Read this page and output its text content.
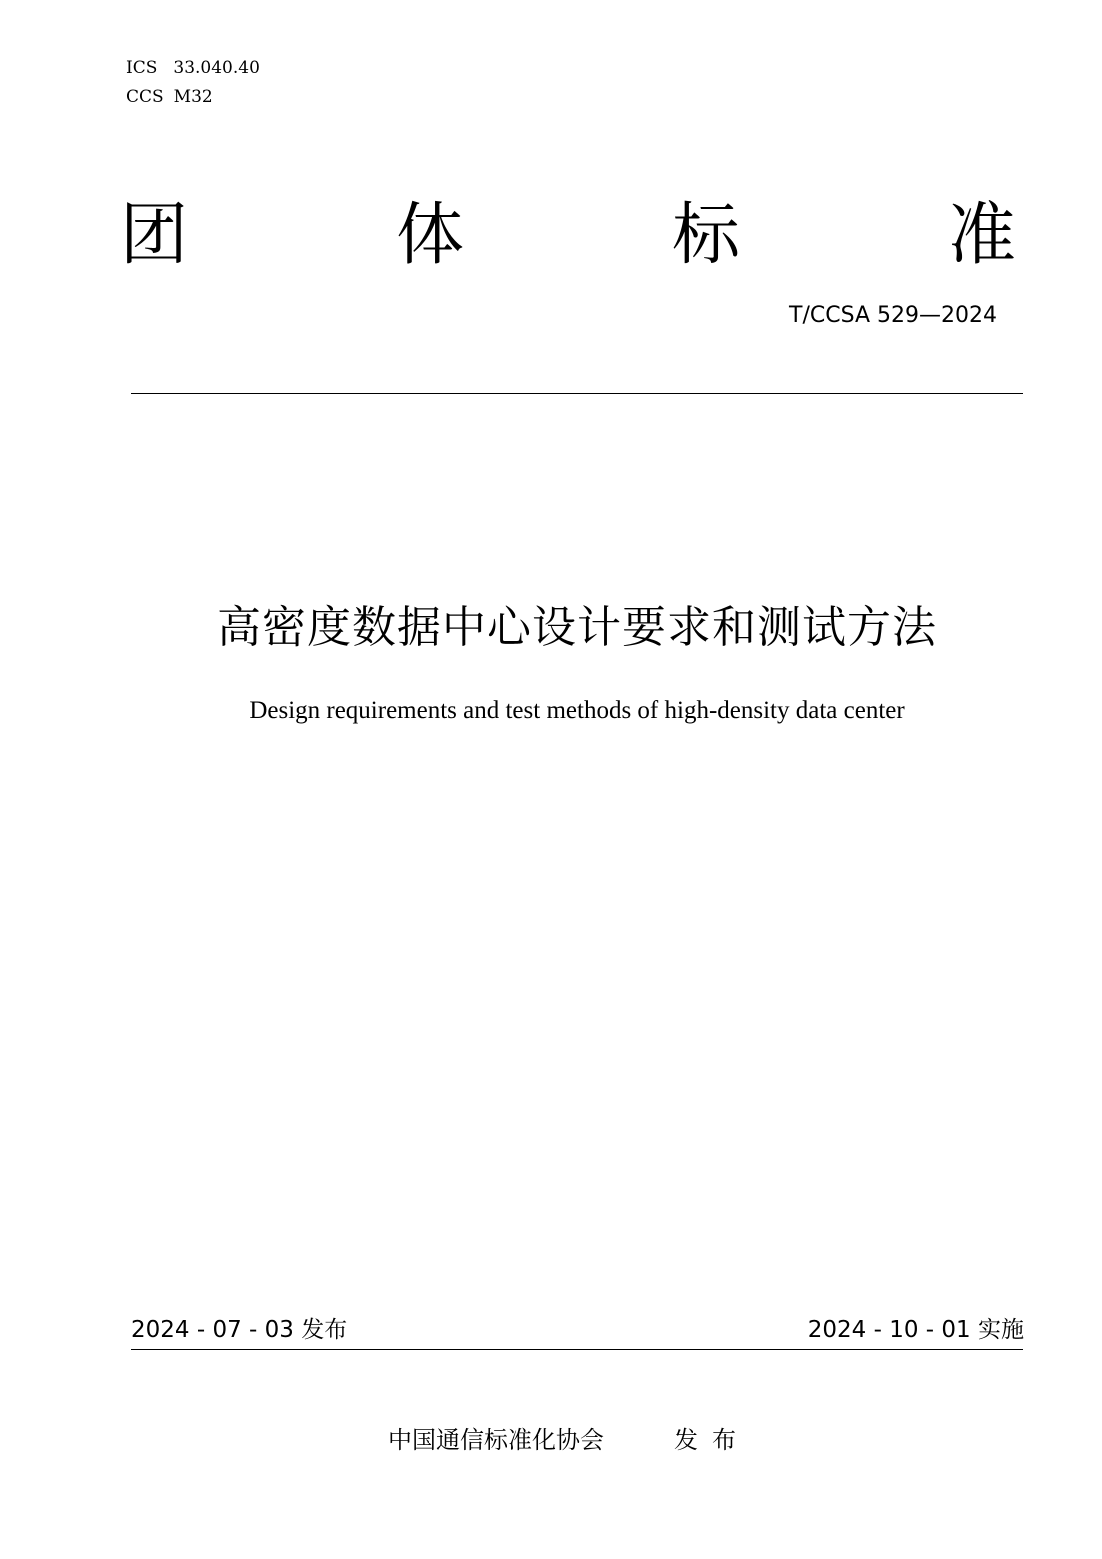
ICS 33.040.40
CCS M32
团	体	标	准
T/CCSA 529—2024
高密度数据中心设计要求和测试方法
Design requirements and test methods of high-density data center
2024 - 07 - 03 发布	2024 - 10 - 01 实施
中国通信标准化协会	发布
